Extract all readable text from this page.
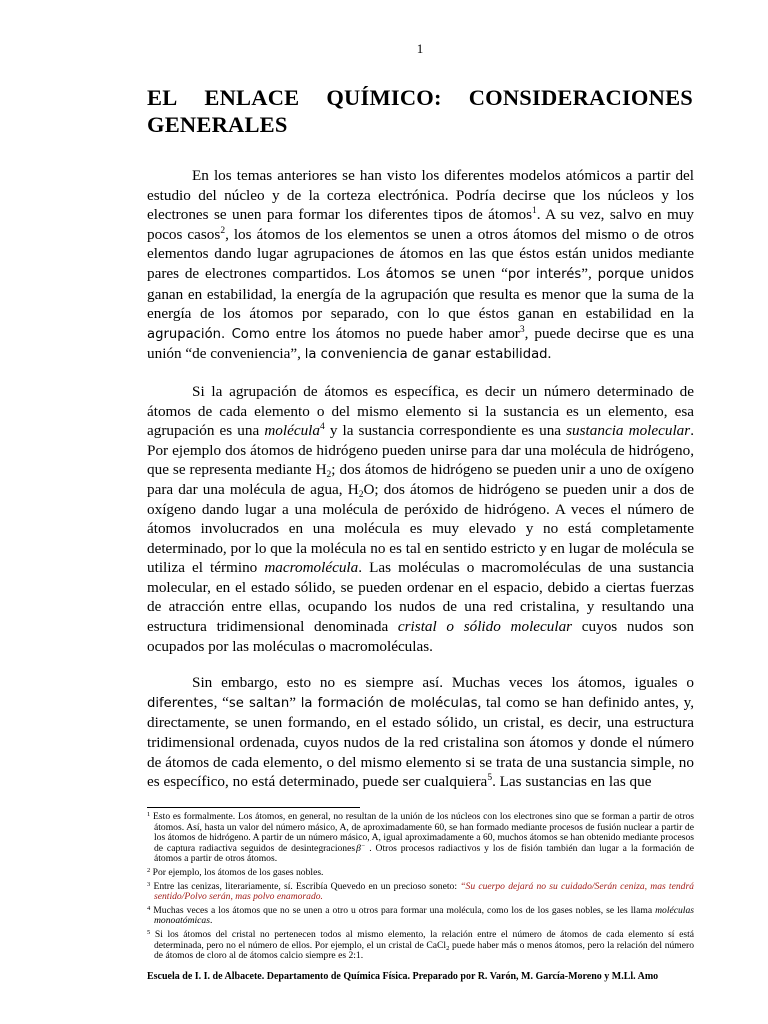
1
EL ENLACE QUÍMICO: CONSIDERACIONES
GENERALES

En los temas anteriores se han visto los diferentes modelos atómicos a partir del estudio del núcleo y de la corteza electrónica. Podría decirse que los núcleos y los electrones se unen para formar los diferentes tipos de átomos$^1$. A su vez, salvo en muy pocos casos$^2$, los átomos de los elementos se unen a otros átomos del mismo o de otros elementos dando lugar agrupaciones de átomos en las que éstos están unidos mediante pares de electrones compartidos. Los átomos se unen “por interés”, porque unidos ganan en estabilidad, la energía de la agrupación que resulta es menor que la suma de la energía de los átomos por separado, con lo que éstos ganan en estabilidad en la agrupación. Como entre los átomos no puede haber amor$^3$, puede decirse que es una unión “de conveniencia”, la conveniencia de ganar estabilidad.

Si la agrupación de átomos es específica, es decir un número determinado de átomos de cada elemento o del mismo elemento si la sustancia es un elemento, esa agrupación es una molécula$^4$ y la sustancia correspondiente es una sustancia molecular. Por ejemplo dos átomos de hidrógeno pueden unirse para dar una molécula de hidrógeno, que se representa mediante $H_2$; dos átomos de hidrógeno se pueden unir a uno de oxígeno para dar una molécula de agua, $H_2O$; dos átomos de hidrógeno se pueden unir a dos de oxígeno dando lugar a una molécula de peróxido de hidrógeno. A veces el número de átomos involucrados en una molécula es muy elevado y no está completamente determinado, por lo que la molécula no es tal en sentido estricto y en lugar de molécula se utiliza el término macromolécula. Las moléculas o macromoléculas de una sustancia molecular, en el estado sólido, se pueden ordenar en el espacio, debido a ciertas fuerzas de atracción entre ellas, ocupando los nudos de una red cristalina, y resultando una estructura tridimensional denominada cristal o sólido molecular cuyos nudos son ocupados por las moléculas o macromoléculas.

Sin embargo, esto no es siempre así. Muchas veces los átomos, iguales o diferentes, “se saltan” la formación de moléculas, tal como se han definido antes, y, directamente, se unen formando, en el estado sólido, un cristal, es decir, una estructura tridimensional ordenada, cuyos nudos de la red cristalina son átomos y donde el número de átomos de cada elemento, o del mismo elemento si se trata de una sustancia simple, no es específico, no está determinado, puede ser cualquiera$^5$. Las sustancias en las que

$^1$ Esto es formalmente. Los átomos, en general, no resultan de la unión de los núcleos con los electrones sino que se forman a partir de otros átomos. Así, hasta un valor del número másico, A, de aproximadamente 60, se han formado mediante procesos de fusión nuclear a partir de los átomos de hidrógeno. A partir de un número másico, A, igual aproximadamente a 60, muchos átomos se han obtenido mediante procesos de captura radiactiva seguidos de desintegracionesβ− . Otros procesos radiactivos y los de fisión también dan lugar a la formación de átomos a partir de otros átomos.
$^2$ Por ejemplo, los átomos de los gases nobles.
$^3$ Entre las cenizas, literariamente, sí. Escribía Quevedo en un precioso soneto: “Su cuerpo dejará no su cuidado/Serán ceniza, mas tendrá sentido/Polvo serán, mas polvo enamorado.
$^4$ Muchas veces a los átomos que no se unen a otro u otros para formar una molécula, como los de los gases nobles, se les llama moléculas monoatómicas.
$^5$ Si los átomos del cristal no pertenecen todos al mismo elemento, la relación entre el número de átomos de cada elemento sí está determinada, pero no el número de ellos. Por ejemplo, el un cristal de CaCl$_2$ puede haber más o menos átomos, pero la relación del número de átomos de cloro al de átomos calcio siempre es 2:1.
Escuela de I. I. de Albacete. Departamento de Química Física. Preparado por R. Varón, M. García-Moreno y M.Ll. Amo
